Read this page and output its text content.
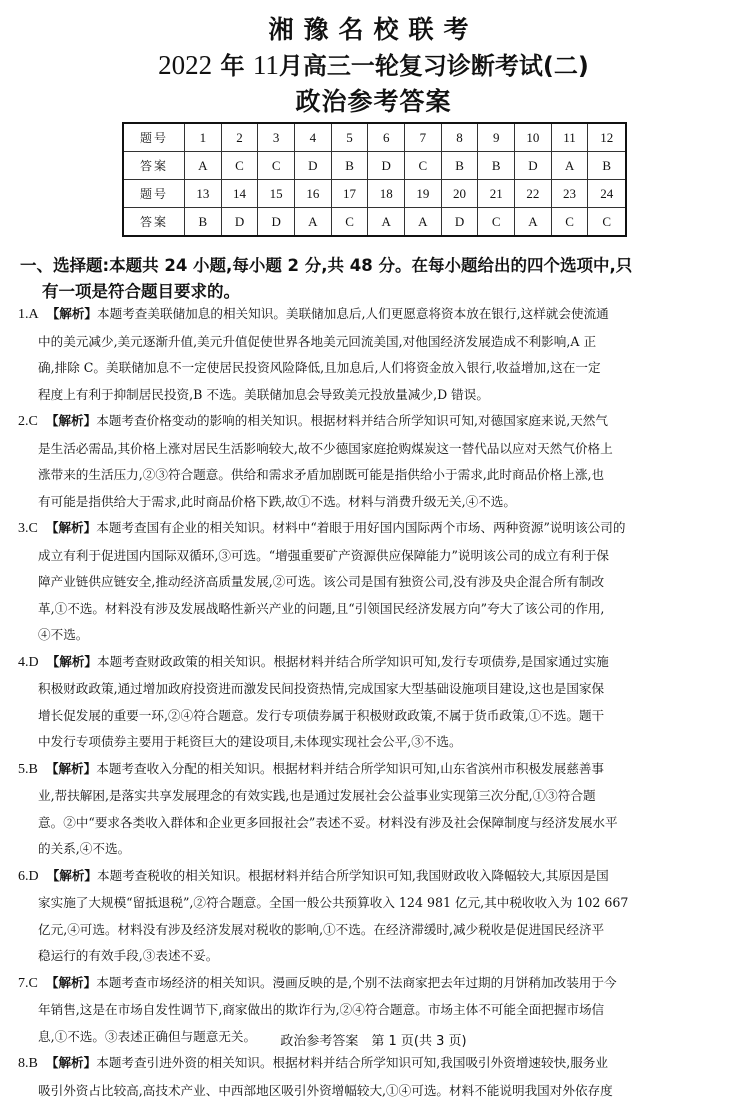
湘豫名校联考
2022 年 11月高三一轮复习诊断考试(二)
政治参考答案
题号	1	2	3	4	5	6	7	8	9	10	11	12
答案	A	C	C	D	B	D	C	B	B	D	A	B
题号	13	14	15	16	17	18	19	20	21	22	23	24
答案	B	D	D	A	C	A	A	D	C	A	C	C
一、选择题:本题共 24 小题,每小题 2 分,共 48 分。在每小题给出的四个选项中,只
有一项是符合题目要求的。
1.A 【解析】本题考查美联储加息的相关知识。美联储加息后,人们更愿意将资本放在银行,这样就会使流通
中的美元减少,美元逐渐升值,美元升值促使世界各地美元回流美国,对他国经济发展造成不利影响,A 正
确,排除 C。美联储加息不一定使居民投资风险降低,且加息后,人们将资金放入银行,收益增加,这在一定
程度上有利于抑制居民投资,B 不选。美联储加息会导致美元投放量减少,D 错误。
2.C 【解析】本题考查价格变动的影响的相关知识。根据材料并结合所学知识可知,对德国家庭来说,天然气
是生活必需品,其价格上涨对居民生活影响较大,故不少德国家庭抢购煤炭这一替代品以应对天然气价格上
涨带来的生活压力,②③符合题意。供给和需求矛盾加剧既可能是指供给小于需求,此时商品价格上涨,也
有可能是指供给大于需求,此时商品价格下跌,故①不选。材料与消费升级无关,④不选。
3.C 【解析】本题考查国有企业的相关知识。材料中“着眼于用好国内国际两个市场、两种资源”说明该公司的
成立有利于促进国内国际双循环,③可选。“增强重要矿产资源供应保障能力”说明该公司的成立有利于保
障产业链供应链安全,推动经济高质量发展,②可选。该公司是国有独资公司,没有涉及央企混合所有制改
革,①不选。材料没有涉及发展战略性新兴产业的问题,且“引领国民经济发展方向”夸大了该公司的作用,
④不选。
4.D 【解析】本题考查财政政策的相关知识。根据材料并结合所学知识可知,发行专项债券,是国家通过实施
积极财政政策,通过增加政府投资进而激发民间投资热情,完成国家大型基础设施项目建设,这也是国家保
增长促发展的重要一环,②④符合题意。发行专项债券属于积极财政政策,不属于货币政策,①不选。题干
中发行专项债券主要用于耗资巨大的建设项目,未体现实现社会公平,③不选。
5.B 【解析】本题考查收入分配的相关知识。根据材料并结合所学知识可知,山东省滨州市积极发展慈善事
业,帮扶解困,是落实共享发展理念的有效实践,也是通过发展社会公益事业实现第三次分配,①③符合题
意。②中“要求各类收入群体和企业更多回报社会”表述不妥。材料没有涉及社会保障制度与经济发展水平
的关系,④不选。
6.D 【解析】本题考查税收的相关知识。根据材料并结合所学知识可知,我国财政收入降幅较大,其原因是国
家实施了大规模“留抵退税”,②符合题意。全国一般公共预算收入 124 981 亿元,其中税收收入为 102 667
亿元,④可选。材料没有涉及经济发展对税收的影响,①不选。在经济滞缓时,减少税收是促进国民经济平
稳运行的有效手段,③表述不妥。
7.C 【解析】本题考查市场经济的相关知识。漫画反映的是,个别不法商家把去年过期的月饼稍加改装用于今
年销售,这是在市场自发性调节下,商家做出的欺诈行为,②④符合题意。市场主体不可能全面把握市场信
息,①不选。③表述正确但与题意无关。
8.B 【解析】本题考查引进外资的相关知识。根据材料并结合所学知识可知,我国吸引外资增速较快,服务业
吸引外资占比较高,高技术产业、中西部地区吸引外资增幅较大,①④可选。材料不能说明我国对外依存度
政治参考答案　第 1 页(共 3 页)
